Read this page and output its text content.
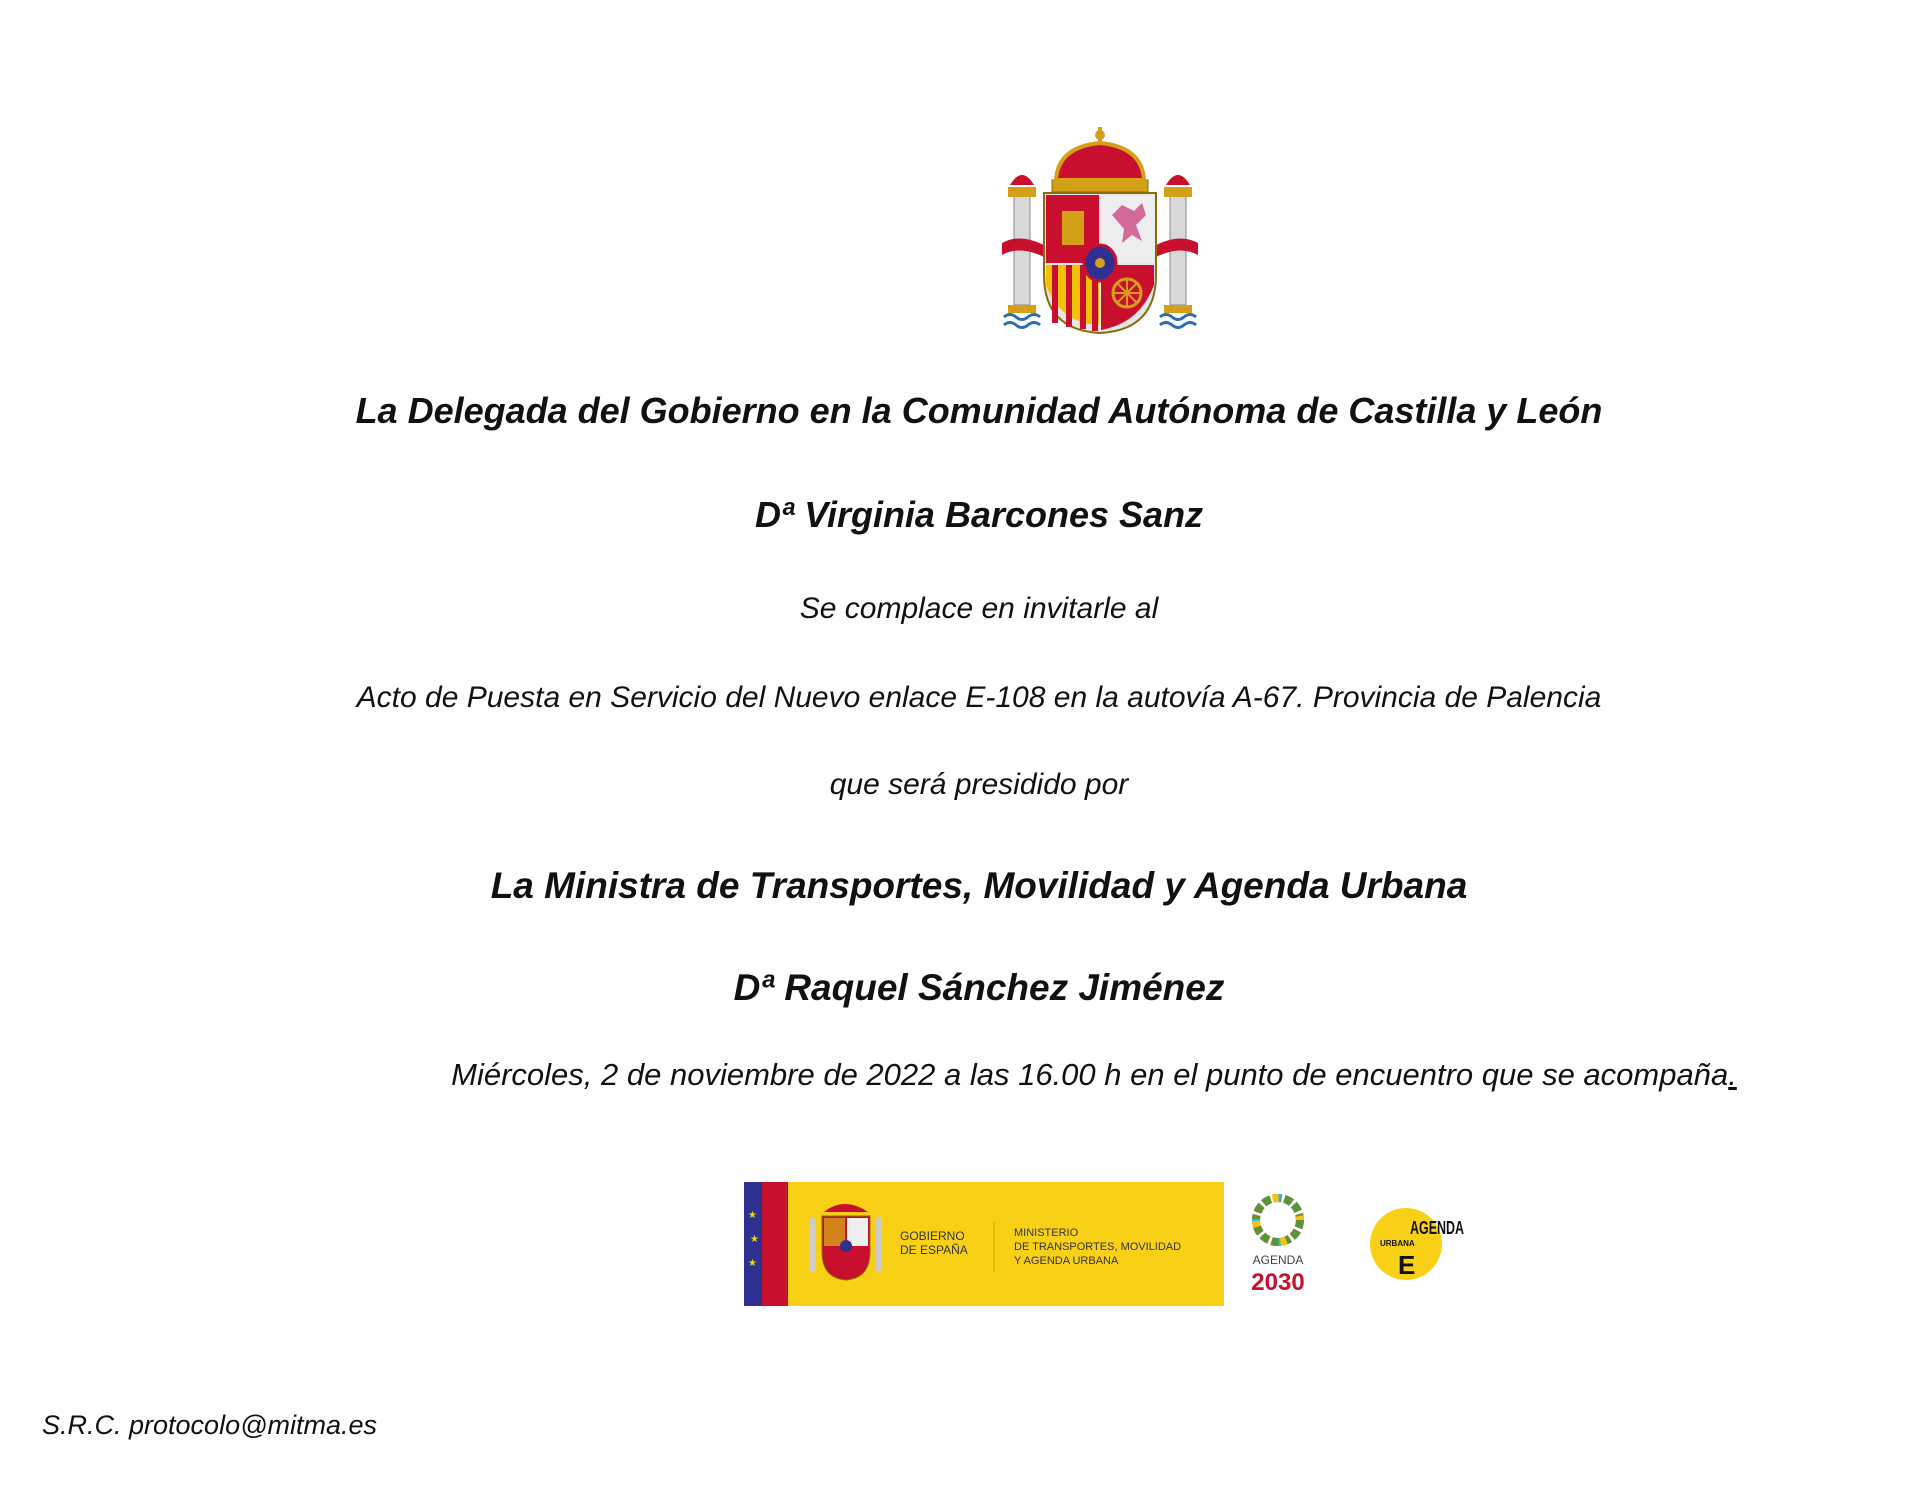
La Delegada del Gobierno en la Comunidad Autónoma de Castilla y León
Dª Virginia Barcones Sanz
Se complace en invitarle al
Acto de Puesta en Servicio del Nuevo enlace E-108 en la autovía A-67. Provincia de Palencia
que será presidido por
La Ministra de Transportes, Movilidad y Agenda Urbana
Dª Raquel Sánchez Jiménez
Miércoles, 2 de noviembre de 2022 a las 16.00 h en el punto de encuentro que se acompaña.
★
★
★
GOBIERNO
DE ESPAÑA
MINISTERIO
DE TRANSPORTES, MOVILIDAD
Y AGENDA URBANA	AGENDA
2030
AGENDA
URBANA
E
S.R.C. protocolo@mitma.es
